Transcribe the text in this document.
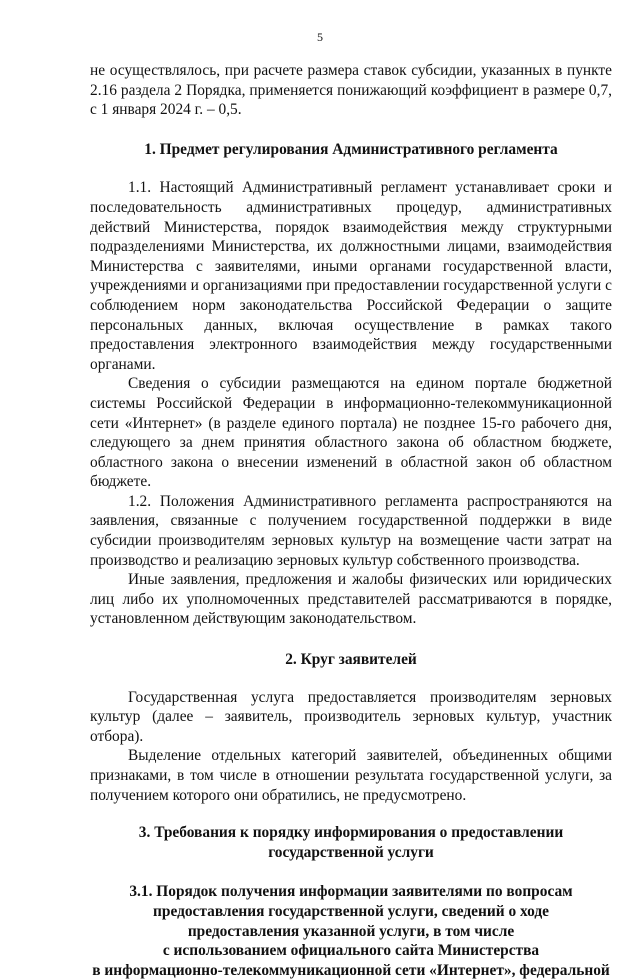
5

не осуществлялось, при расчете размера ставок субсидии, указанных в пункте 2.16 раздела 2 Порядка, применяется понижающий коэффициент в размере 0,7, с 1 января 2024 г. – 0,5.

1. Предмет регулирования Административного регламента

1.1. Настоящий Административный регламент устанавливает сроки и последовательность административных процедур, административных действий Министерства, порядок взаимодействия между структурными подразделениями Министерства, их должностными лицами, взаимодействия Министерства с заявителями, иными органами государственной власти, учреждениями и организациями при предоставлении государственной услуги с соблюдением норм законодательства Российской Федерации о защите персональных данных, включая осуществление в рамках такого предоставления электронного взаимодействия между государственными органами.

Сведения о субсидии размещаются на едином портале бюджетной системы Российской Федерации в информационно-телекоммуникационной сети «Интернет» (в разделе единого портала) не позднее 15-го рабочего дня, следующего за днем принятия областного закона об областном бюджете, областного закона о внесении изменений в областной закон об областном бюджете.

1.2. Положения Административного регламента распространяются на заявления, связанные с получением государственной поддержки в виде субсидии производителям зерновых культур на возмещение части затрат на производство и реализацию зерновых культур собственного производства.

Иные заявления, предложения и жалобы физических или юридических лиц либо их уполномоченных представителей рассматриваются в порядке, установленном действующим законодательством.

2. Круг заявителей

Государственная услуга предоставляется производителям зерновых культур (далее – заявитель, производитель зерновых культур, участник отбора).

Выделение отдельных категорий заявителей, объединенных общими признаками, в том числе в отношении результата государственной услуги, за получением которого они обратились, не предусмотрено.

3. Требования к порядку информирования о предоставлении
государственной услуги
3.1. Порядок получения информации заявителями по вопросам
предоставления государственной услуги, сведений о ходе
предоставления указанной услуги, в том числе
с использованием официального сайта Министерства
в информационно-телекоммуникационной сети «Интернет», федеральной
